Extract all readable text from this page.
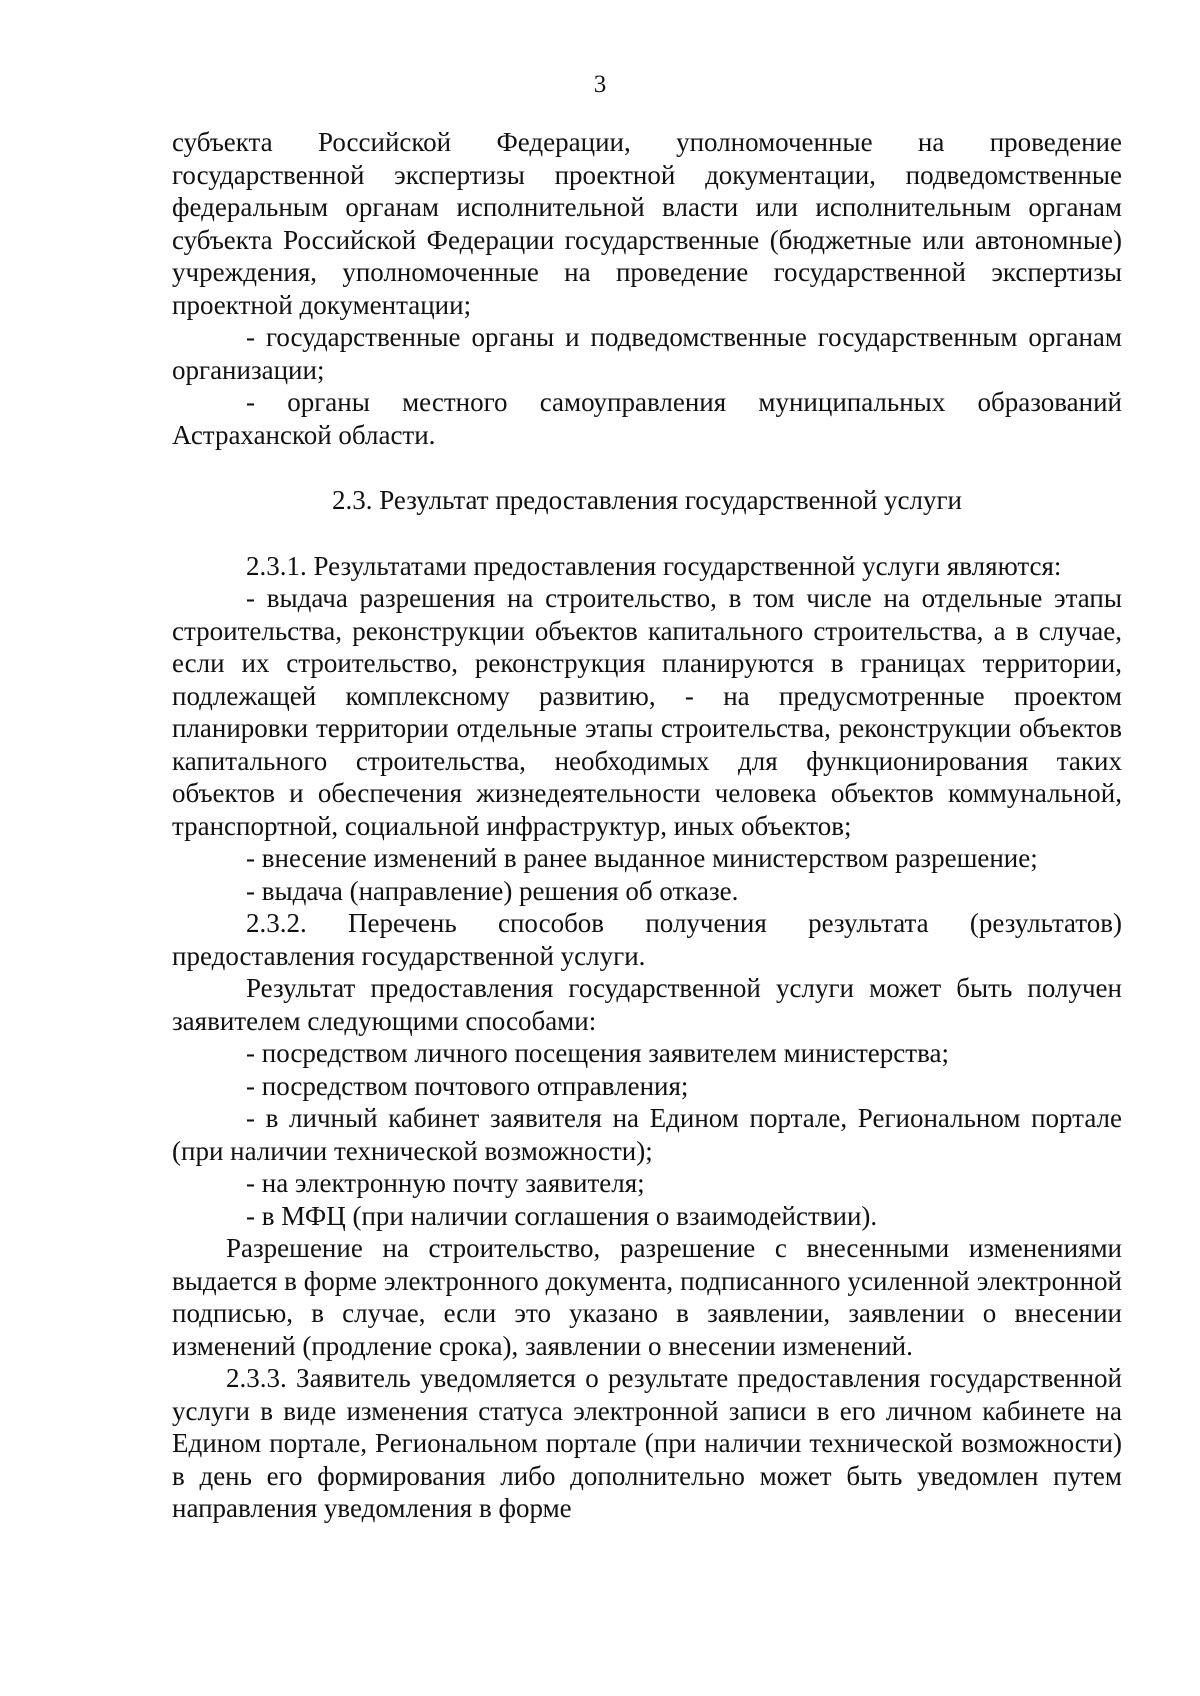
3

субъекта Российской Федерации, уполномоченные на проведение государственной экспертизы проектной документации, подведомственные федеральным органам исполнительной власти или исполнительным органам субъекта Российской Федерации государственные (бюджетные или автономные) учреждения, уполномоченные на проведение государственной экспертизы проектной документации;

- государственные органы и подведомственные государственным органам организации;

- органы местного самоуправления муниципальных образований Астраханской области.

2.3. Результат предоставления государственной услуги

2.3.1. Результатами предоставления государственной услуги являются:

- выдача разрешения на строительство, в том числе на отдельные этапы строительства, реконструкции объектов капитального строительства, а в случае, если их строительство, реконструкция планируются в границах территории, подлежащей комплексному развитию, - на предусмотренные проектом планировки территории отдельные этапы строительства, реконструкции объектов капитального строительства, необходимых для функционирования таких объектов и обеспечения жизнедеятельности человека объектов коммунальной, транспортной, социальной инфраструктур, иных объектов;

- внесение изменений в ранее выданное министерством разрешение;

- выдача (направление) решения об отказе.

2.3.2. Перечень способов получения результата (результатов) предоставления государственной услуги.

Результат предоставления государственной услуги может быть получен заявителем следующими способами:

- посредством личного посещения заявителем министерства;

- посредством почтового отправления;

- в личный кабинет заявителя на Едином портале, Региональном портале (при наличии технической возможности);

- на электронную почту заявителя;

- в МФЦ (при наличии соглашения о взаимодействии).

Разрешение на строительство, разрешение с внесенными изменениями выдается в форме электронного документа, подписанного усиленной электронной подписью, в случае, если это указано в заявлении, заявлении о внесении изменений (продление срока), заявлении о внесении изменений.

2.3.3. Заявитель уведомляется о результате предоставления государственной услуги в виде изменения статуса электронной записи в его личном кабинете на Едином портале, Региональном портале (при наличии технической возможности) в день его формирования либо дополнительно может быть уведомлен путем направления уведомления в форме
